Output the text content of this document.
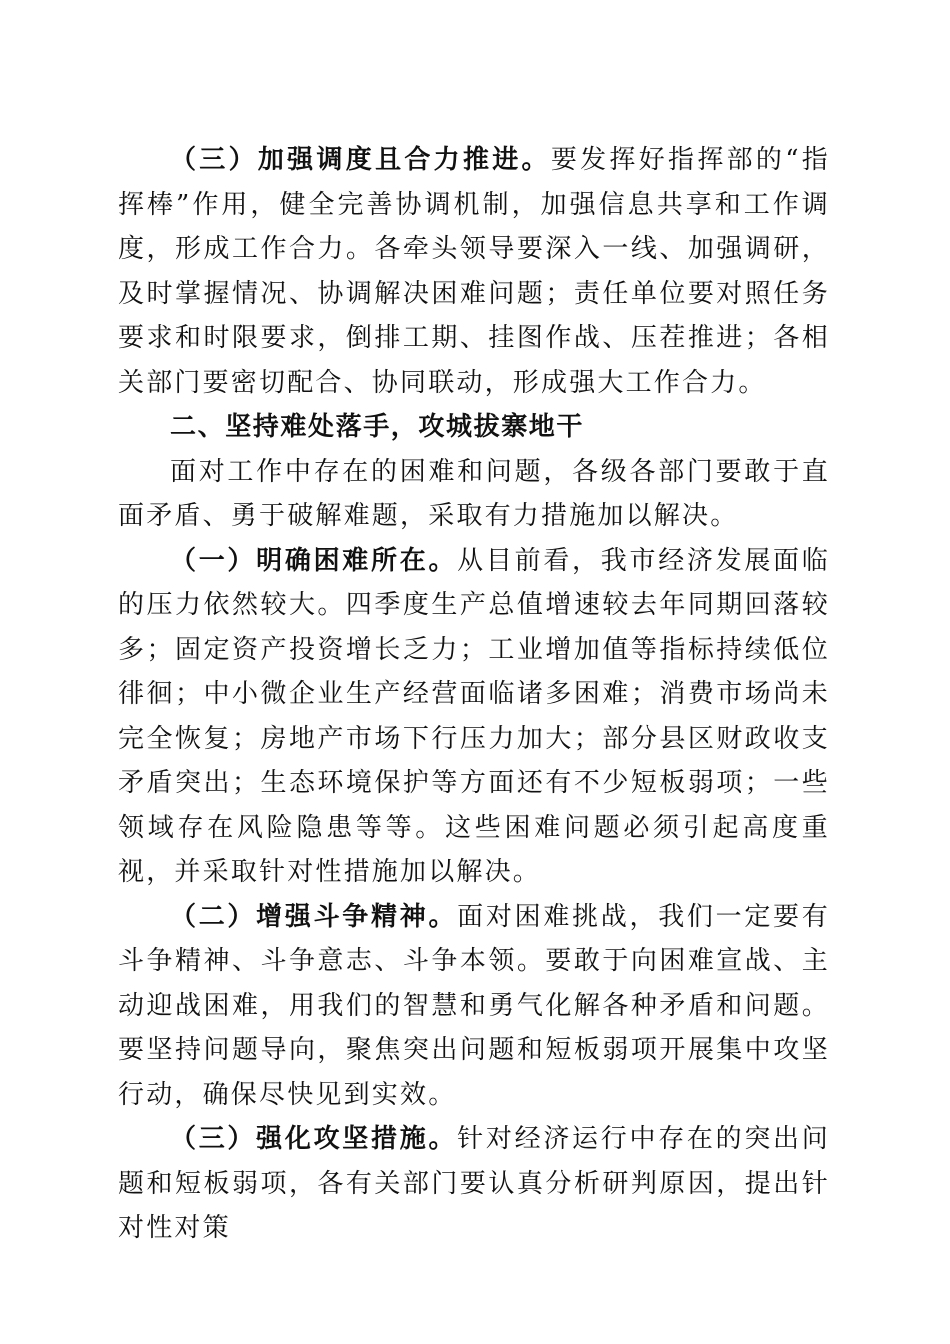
（三）加强调度且合力推进。要发挥好指挥部的“指挥棒”作用，健全完善协调机制，加强信息共享和工作调度，形成工作合力。各牵头领导要深入一线、加强调研，及时掌握情况、协调解决困难问题；责任单位要对照任务要求和时限要求，倒排工期、挂图作战、压茬推进；各相关部门要密切配合、协同联动，形成强大工作合力。

二、坚持难处落手，攻城拔寨地干

面对工作中存在的困难和问题，各级各部门要敢于直面矛盾、勇于破解难题，采取有力措施加以解决。

（一）明确困难所在。从目前看，我市经济发展面临的压力依然较大。四季度生产总值增速较去年同期回落较多；固定资产投资增长乏力；工业增加值等指标持续低位徘徊；中小微企业生产经营面临诸多困难；消费市场尚未完全恢复；房地产市场下行压力加大；部分县区财政收支矛盾突出；生态环境保护等方面还有不少短板弱项；一些领域存在风险隐患等等。这些困难问题必须引起高度重视，并采取针对性措施加以解决。

（二）增强斗争精神。面对困难挑战，我们一定要有斗争精神、斗争意志、斗争本领。要敢于向困难宣战、主动迎战困难，用我们的智慧和勇气化解各种矛盾和问题。要坚持问题导向，聚焦突出问题和短板弱项开展集中攻坚行动，确保尽快见到实效。

（三）强化攻坚措施。针对经济运行中存在的突出问题和短板弱项，各有关部门要认真分析研判原因，提出针对性对策
